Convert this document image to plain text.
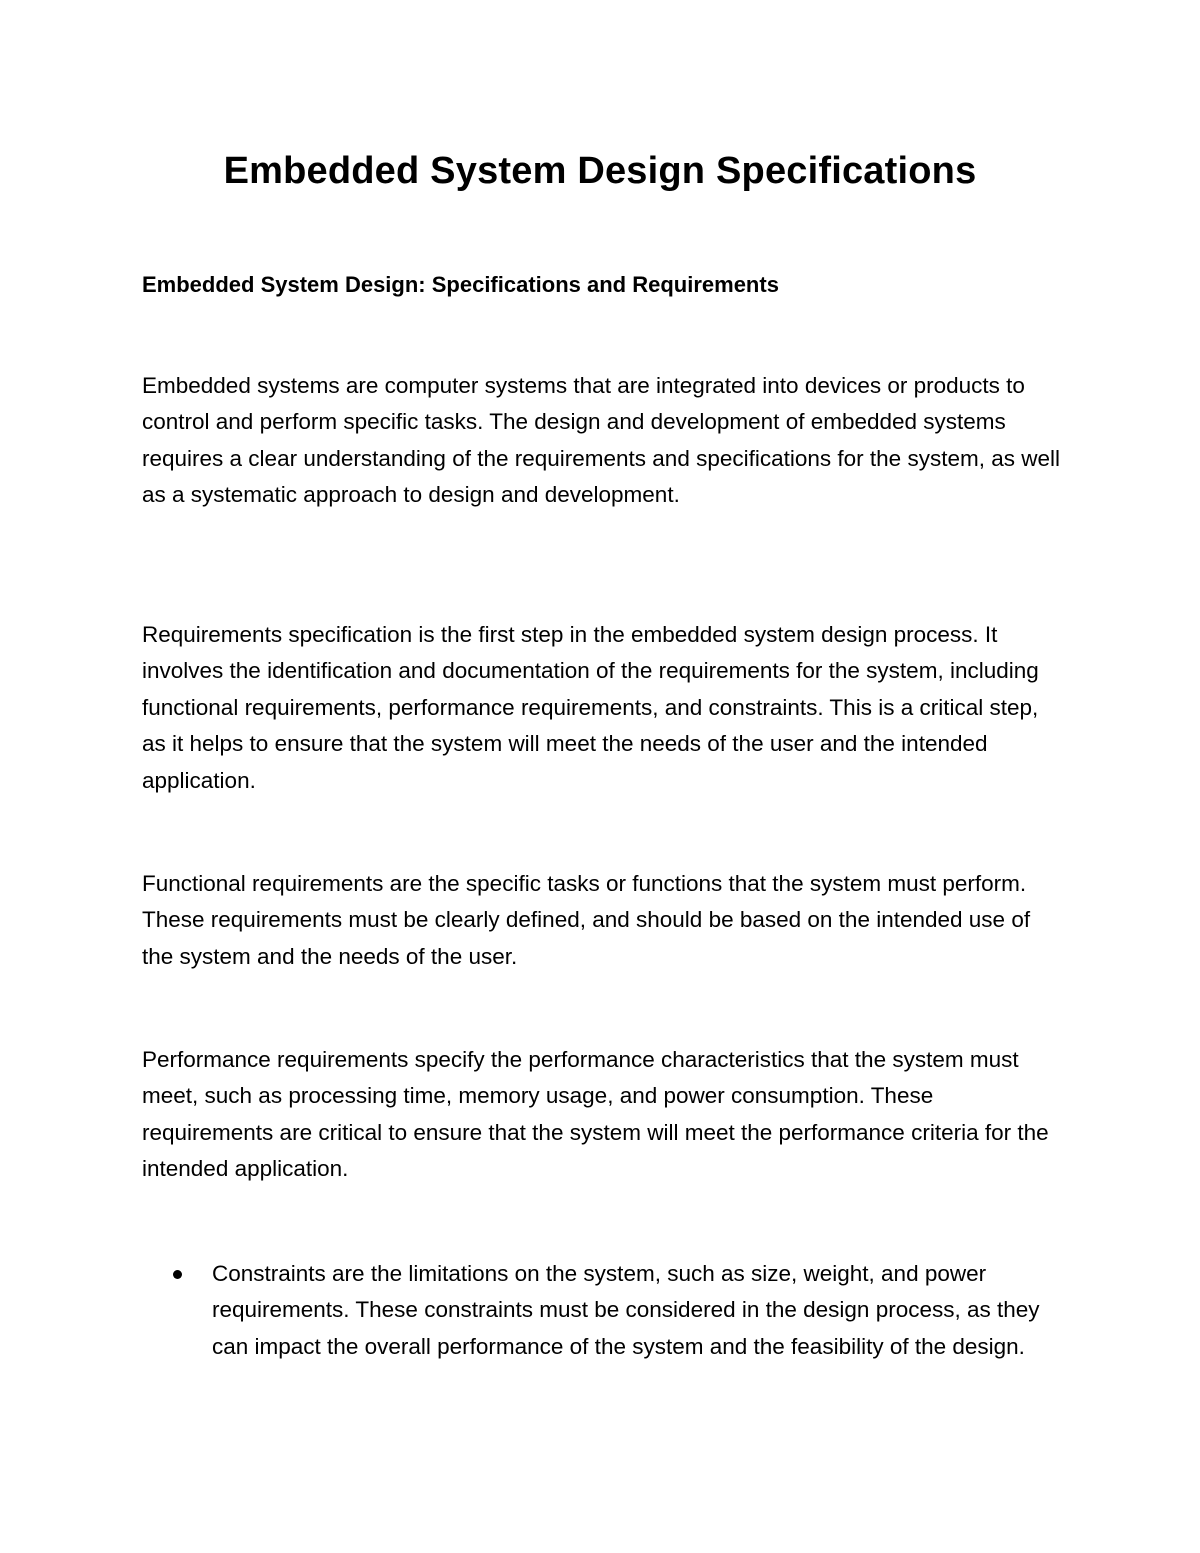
Embedded System Design Specifications
Embedded System Design: Specifications and Requirements

Embedded systems are computer systems that are integrated into devices or products to control and perform specific tasks. The design and development of embedded systems requires a clear understanding of the requirements and specifications for the system, as well as a systematic approach to design and development.

Requirements specification is the first step in the embedded system design process. It involves the identification and documentation of the requirements for the system, including functional requirements, performance requirements, and constraints. This is a critical step, as it helps to ensure that the system will meet the needs of the user and the intended application.

Functional requirements are the specific tasks or functions that the system must perform. These requirements must be clearly defined, and should be based on the intended use of the system and the needs of the user.

Performance requirements specify the performance characteristics that the system must meet, such as processing time, memory usage, and power consumption. These requirements are critical to ensure that the system will meet the performance criteria for the intended application.

Constraints are the limitations on the system, such as size, weight, and power requirements. These constraints must be considered in the design process, as they can impact the overall performance of the system and the feasibility of the design.
